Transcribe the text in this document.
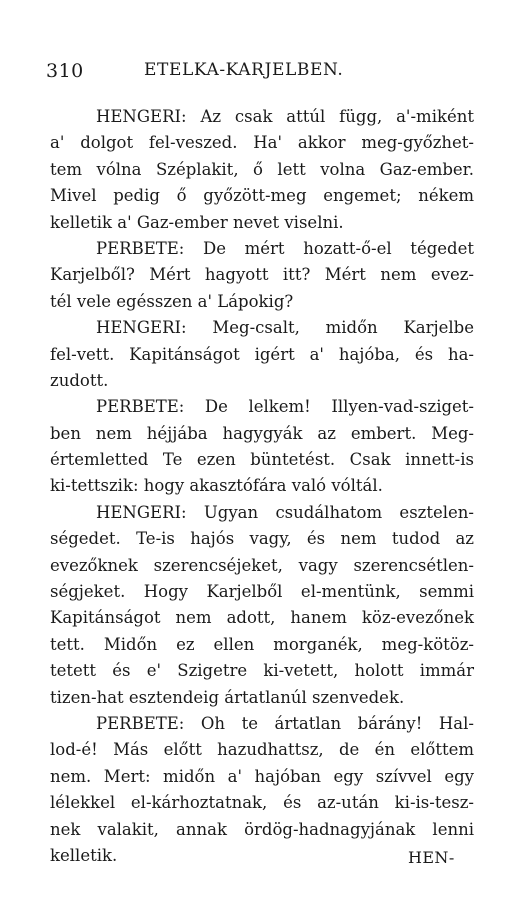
310	ETELKA-KARJELBEN.
HENGERI: Az csak attúl függ, a'-miként
a' dolgot fel-veszed. Ha' akkor meg-győzhet-
tem vólna Széplakit, ő lett volna Gaz-ember.
Mivel pedig ő győzött-meg engemet; nékem
kelletik a' Gaz-ember nevet viselni.
PERBETE: De mért hozatt-ő-el tégedet
Karjelből? Mért hagyott itt? Mért nem evez-
tél vele egésszen a' Lápokig?
HENGERI: Meg-csalt, midőn Karjelbe
fel-vett. Kapitánságot igért a' hajóba, és ha-
zudott.
PERBETE: De lelkem! Illyen-vad-sziget-
ben nem héjjába hagygyák az embert. Meg-
értemletted Te ezen büntetést. Csak innett-is
ki-tettszik: hogy akasztófára való vóltál.
HENGERI: Ugyan csudálhatom esztelen-
ségedet. Te-is hajós vagy, és nem tudod az
evezőknek szerencséjeket, vagy szerencsétlen-
ségjeket. Hogy Karjelből el-mentünk, semmi
Kapitánságot nem adott, hanem köz-evezőnek
tett. Midőn ez ellen morganék, meg-kötöz-
tetett és e' Szigetre ki-vetett, holott immár
tizen-hat esztendeig ártatlanúl szenvedek.
PERBETE: Oh te ártatlan bárány! Hal-
lod-é! Más előtt hazudhattsz, de én előttem
nem. Mert: midőn a' hajóban egy szívvel egy
lélekkel el-kárhoztatnak, és az-után ki-is-tesz-
nek valakit, annak ördög-hadnagyjának lenni
kelletik.	HEN-
